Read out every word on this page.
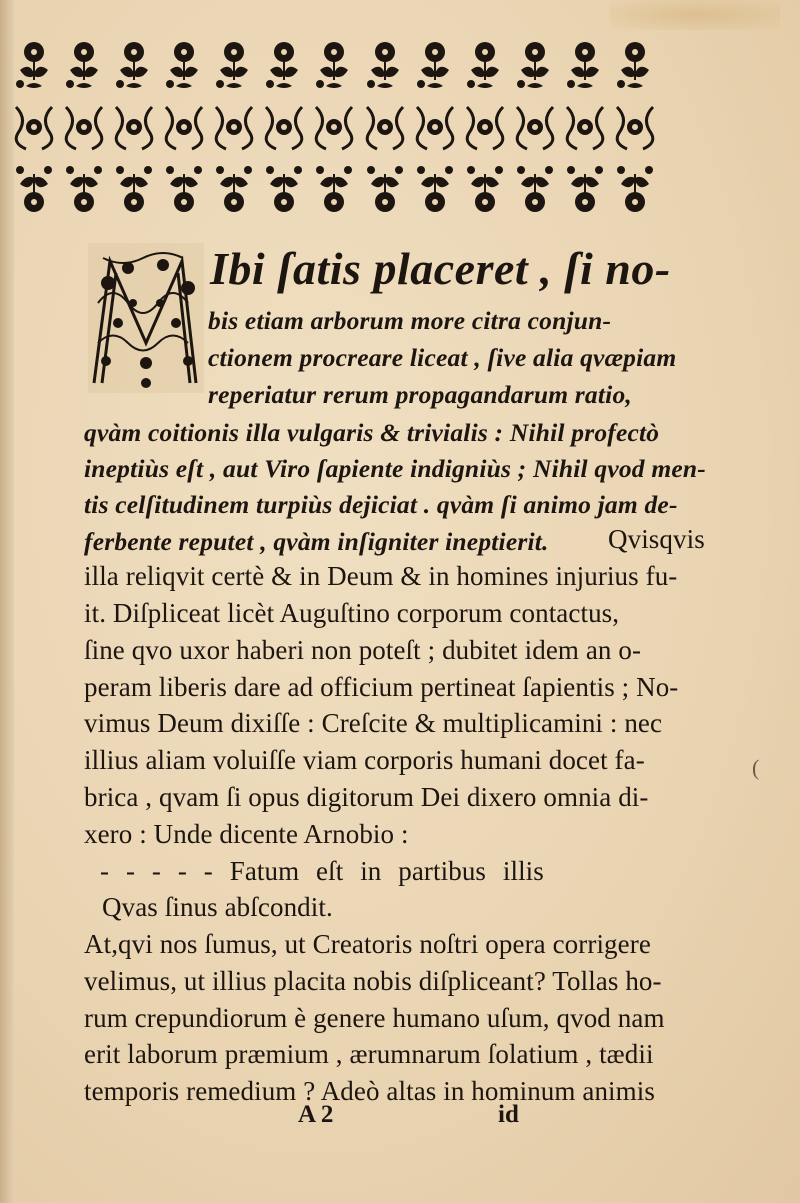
Ibi ſatis placeret , ſi no-
bis etiam arborum more citra conjun-
ctionem procreare liceat , ſive alia qvæpiam
reperiatur rerum propagandarum ratio,
qvàm coitionis illa vulgaris & trivialis : Nihil profectò
ineptiùs eſt , aut Viro ſapiente indigniùs ; Nihil qvod men-
tis celſitudinem turpiùs dejiciat . qvàm ſi animo jam de-
ferbente reputet , qvàm inſigniter ineptierit. Qvisqvis
illa reliqvit certè & in Deum & in homines injurius fu-
it. Diſpliceat licèt Auguſtino corporum contactus,
ſine qvo uxor haberi non poteſt ; dubitet idem an o-
peram liberis dare ad officium pertineat ſapientis ; No-
vimus Deum dixiſſe : Creſcite & multiplicamini : nec
illius aliam voluiſſe viam corporis humani docet fa-
brica , qvam ſi opus digitorum Dei dixero omnia di-
xero : Unde dicente Arnobio :
- - - - - Fatum eſt in partibus illis
Qvas ſinus abſcondit.
At,qvi nos ſumus, ut Creatoris noſtri opera corrigere
velimus, ut illius placita nobis diſpliceant? Tollas ho-
rum crepundiorum è genere humano uſum, qvod nam
erit laborum præmium , ærumnarum ſolatium , tædii
temporis remedium ? Adeò altas in hominum animis
A 2	id
(
